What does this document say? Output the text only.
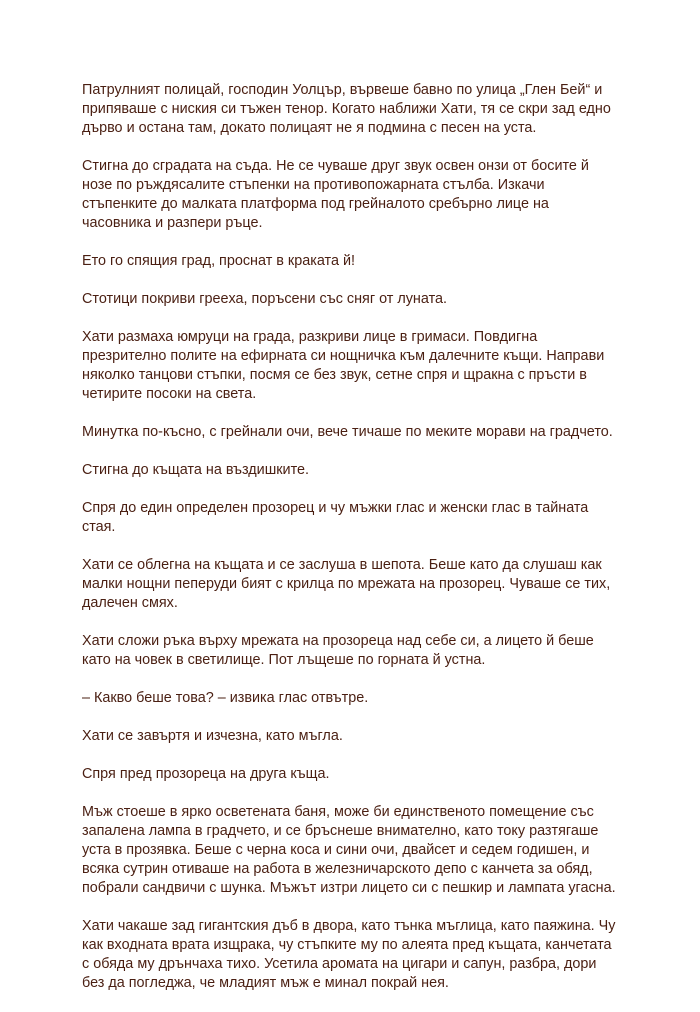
Патрулният полицай, господин Уолцър, вървеше бавно по улица „Глен Бей“ и припяваше с ниския си тъжен тенор. Когато наближи Хати, тя се скри зад едно дърво и остана там, докато полицаят не я подмина с песен на уста.

Стигна до сградата на съда. Не се чуваше друг звук освен онзи от босите й нозе по ръждясалите стъпенки на противопожарната стълба. Изкачи стъпенките до малката платформа под грейналото сребърно лице на часовника и разпери ръце.

Ето го спящия град, проснат в краката й!

Стотици покриви греeха, поръсени със сняг от луната.

Хати размаха юмруци на града, разкриви лице в гримаси. Повдигна презрително полите на ефирната си нощничка към далечните къщи. Направи няколко танцови стъпки, посмя се без звук, сетне спря и щракна с пръсти в четирите посоки на света.

Минутка по-късно, с грейнали очи, вече тичаше по меките морави на градчето.

Стигна до къщата на въздишките.

Спря до един определен прозорец и чу мъжки глас и женски глас в тайната стая.

Хати се облегна на къщата и се заслуша в шепота. Беше като да слушаш как малки нощни пеперуди бият с крилца по мрежата на прозорец. Чуваше се тих, далечен смях.

Хати сложи ръка върху мрежата на прозореца над себе си, а лицето й беше като на човек в светилище. Пот лъщеше по горната й устна.

– Какво беше това? – извика глас отвътре.

Хати се завъртя и изчезна, като мъгла.

Спря пред прозореца на друга къща.

Мъж стоеше в ярко осветената баня, може би единственото помещение със запалена лампа в градчето, и се бръснеше внимателно, като току разтягаше уста в прозявка. Беше с черна коса и сини очи, двайсет и седем годишен, и всяка сутрин отиваше на работа в железничарското депо с канчета за обяд, побрали сандвичи с шунка. Мъжът изтри лицето си с пешкир и лампата угасна.

Хати чакаше зад гигантския дъб в двора, като тънка мъглица, като паяжина. Чу как входната врата изщрака, чу стъпките му по алеята пред къщата, канчетата с обяда му дрънчаха тихо. Усетила аромата на цигари и сапун, разбра, дори без да погледжа, че младият мъж е минал покрай нея.
